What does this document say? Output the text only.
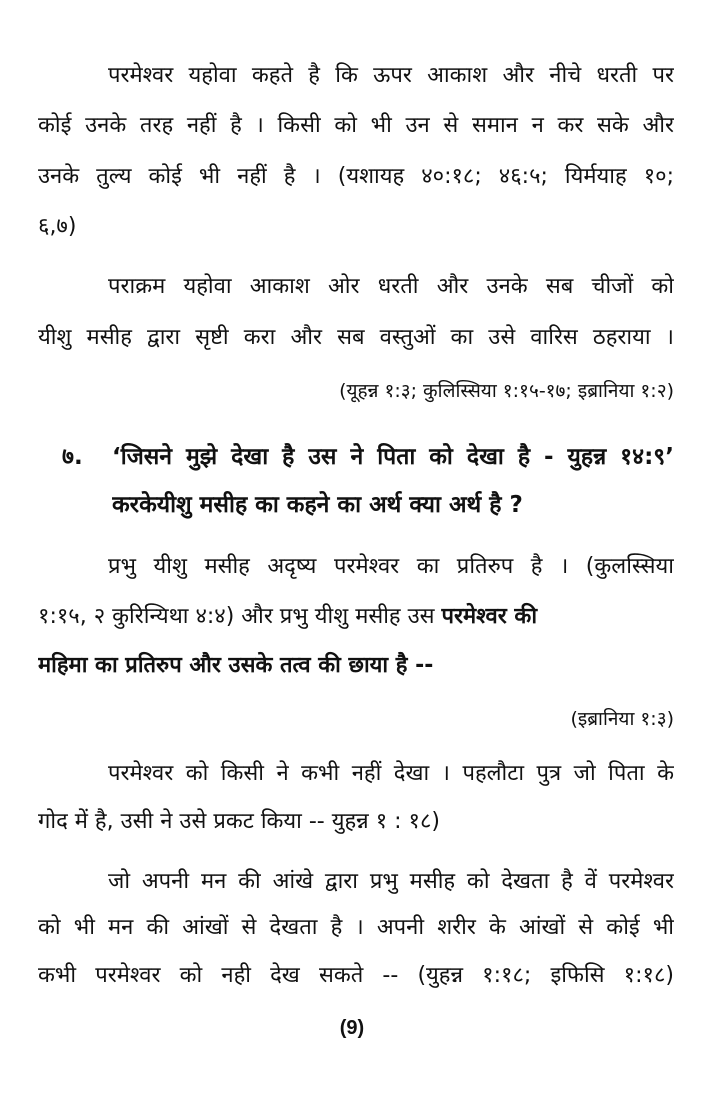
परमेश्वर यहोवा कहते है कि ऊपर आकाश और नीचे धरती पर
कोई उनके तरह नहीं है । किसी को भी उन से समान न कर सके और
उनके तुल्य कोई भी नहीं है । (यशायह ४०:१८; ४६:५; यिर्मयाह १०;
६,७)
पराक्रम यहोवा आकाश ओर धरती और उनके सब चीजों को
यीशु मसीह द्वारा सृष्टी करा और सब वस्तुओं का उसे वारिस ठहराया ।
(यूहन्न १:३; कुलिस्सिया १:१५-१७; इब्रानिया १:२)
७. ‘जिसने मुझे देखा है उस ने पिता को देखा है - युहन्न १४:९’
करकेयीशु मसीह का कहने का अर्थ क्या अर्थ है ?
प्रभु यीशु मसीह अदृष्य परमेश्वर का प्रतिरुप है । (कुलस्सिया
१:१५, २ कुरिन्यिथा ४:४) और प्रभु यीशु मसीह उस परमेश्वर की
महिमा का प्रतिरुप और उसके तत्व की छाया है --
(इब्रानिया १:३)
परमेश्वर को किसी ने कभी नहीं देखा । पहलौटा पुत्र जो पिता के
गोद में है, उसी ने उसे प्रकट किया -- युहन्न १ : १८)
जो अपनी मन की आंखे द्वारा प्रभु मसीह को देखता है वें परमेश्वर
को भी मन की आंखों से देखता है । अपनी शरीर के आंखों से कोई भी
कभी परमेश्वर को नही देख सकते -- (युहन्न १:१८; इफिसि १:१८)
(9)
